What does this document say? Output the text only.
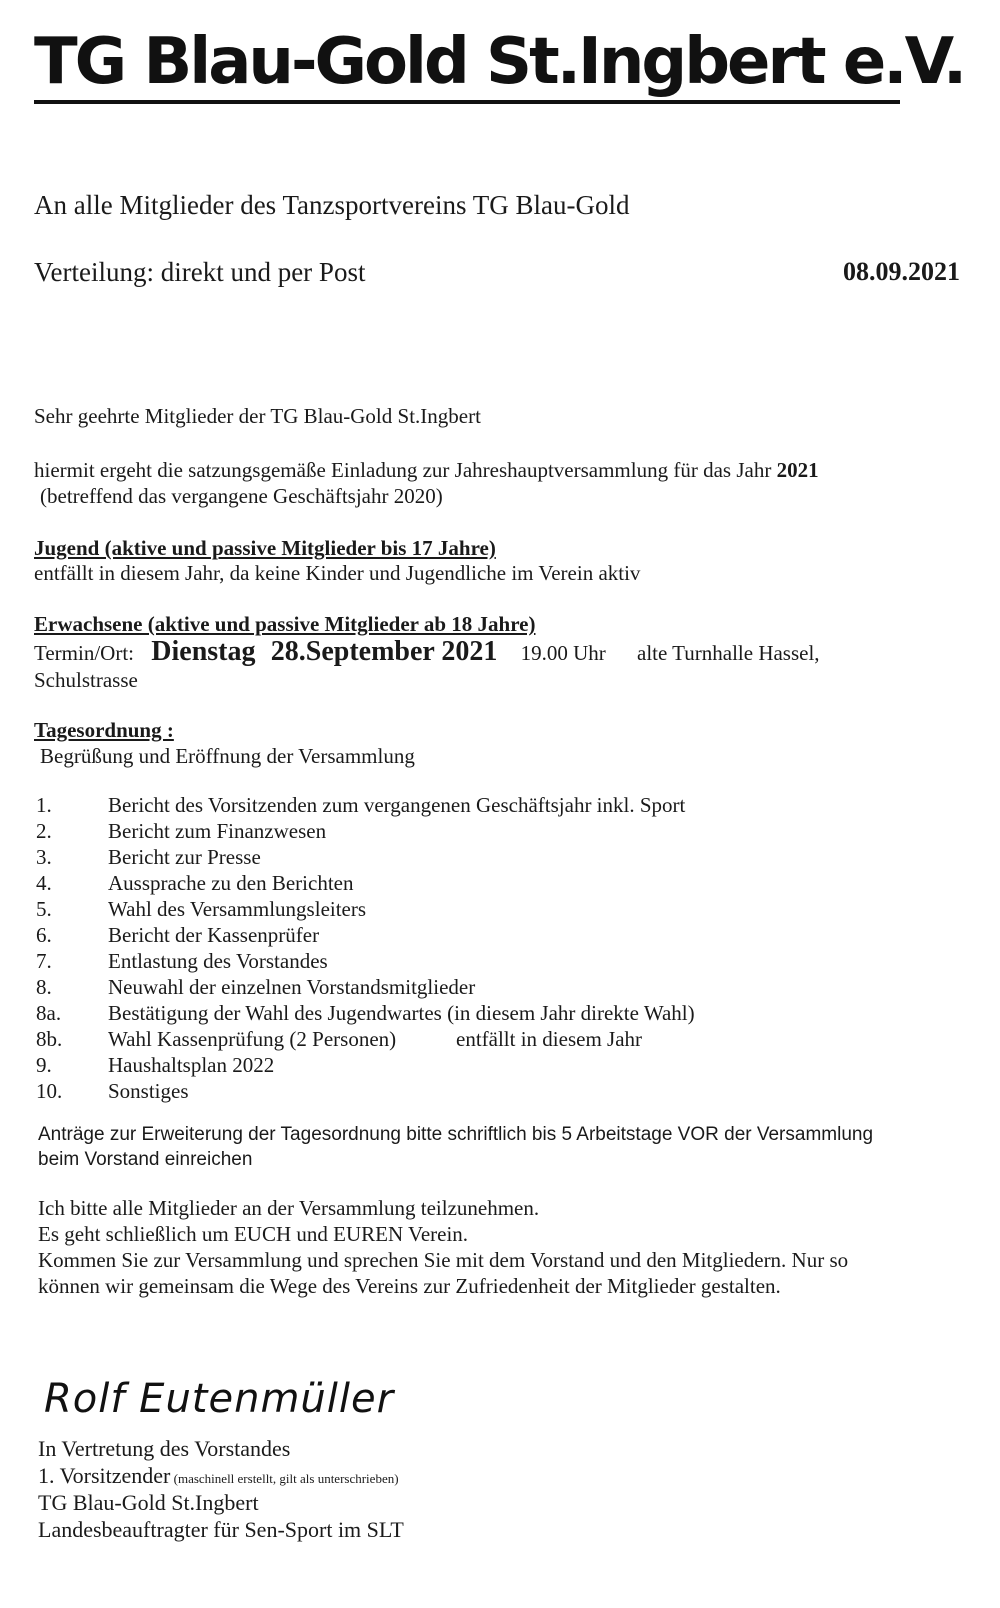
TG Blau-Gold St.Ingbert e.V.
An alle Mitglieder des Tanzsportvereins TG Blau-Gold
Verteilung: direkt und per Post	08.09.2021
Sehr geehrte Mitglieder der TG Blau-Gold St.Ingbert
hiermit ergeht die satzungsgemäße Einladung zur Jahreshauptversammlung für das Jahr 2021
(betreffend das vergangene Geschäftsjahr 2020)
Jugend (aktive und passive Mitglieder bis 17 Jahre)
entfällt in diesem Jahr, da keine Kinder und Jugendliche im Verein aktiv
Erwachsene (aktive und passive Mitglieder ab 18 Jahre)
Termin/Ort: Dienstag 28.September 2021 19.00 Uhr alte Turnhalle Hassel,
Schulstrasse
Tagesordnung :
Begrüßung und Eröffnung der Versammlung
1.	Bericht des Vorsitzenden zum vergangenen Geschäftsjahr inkl. Sport
2.	Bericht zum Finanzwesen
3.	Bericht zur Presse
4.	Aussprache zu den Berichten
5.	Wahl des Versammlungsleiters
6.	Bericht der Kassenprüfer
7.	Entlastung des Vorstandes
8.	Neuwahl der einzelnen Vorstandsmitglieder
8a. Bestätigung der Wahl des Jugendwartes (in diesem Jahr direkte Wahl)
8b. Wahl Kassenprüfung (2 Personen)	entfällt in diesem Jahr
9.	Haushaltsplan 2022
10. Sonstiges
Anträge zur Erweiterung der Tagesordnung bitte schriftlich bis 5 Arbeitstage VOR der Versammlung
beim Vorstand einreichen
Ich bitte alle Mitglieder an der Versammlung teilzunehmen.
Es geht schließlich um EUCH und EUREN Verein.
Kommen Sie zur Versammlung und sprechen Sie mit dem Vorstand und den Mitgliedern. Nur so
können wir gemeinsam die Wege des Vereins zur Zufriedenheit der Mitglieder gestalten.
Rolf Eutenmüller
In Vertretung des Vorstandes
1. Vorsitzender (maschinell erstellt, gilt als unterschrieben)
TG Blau-Gold St.Ingbert
Landesbeauftragter für Sen-Sport im SLT
